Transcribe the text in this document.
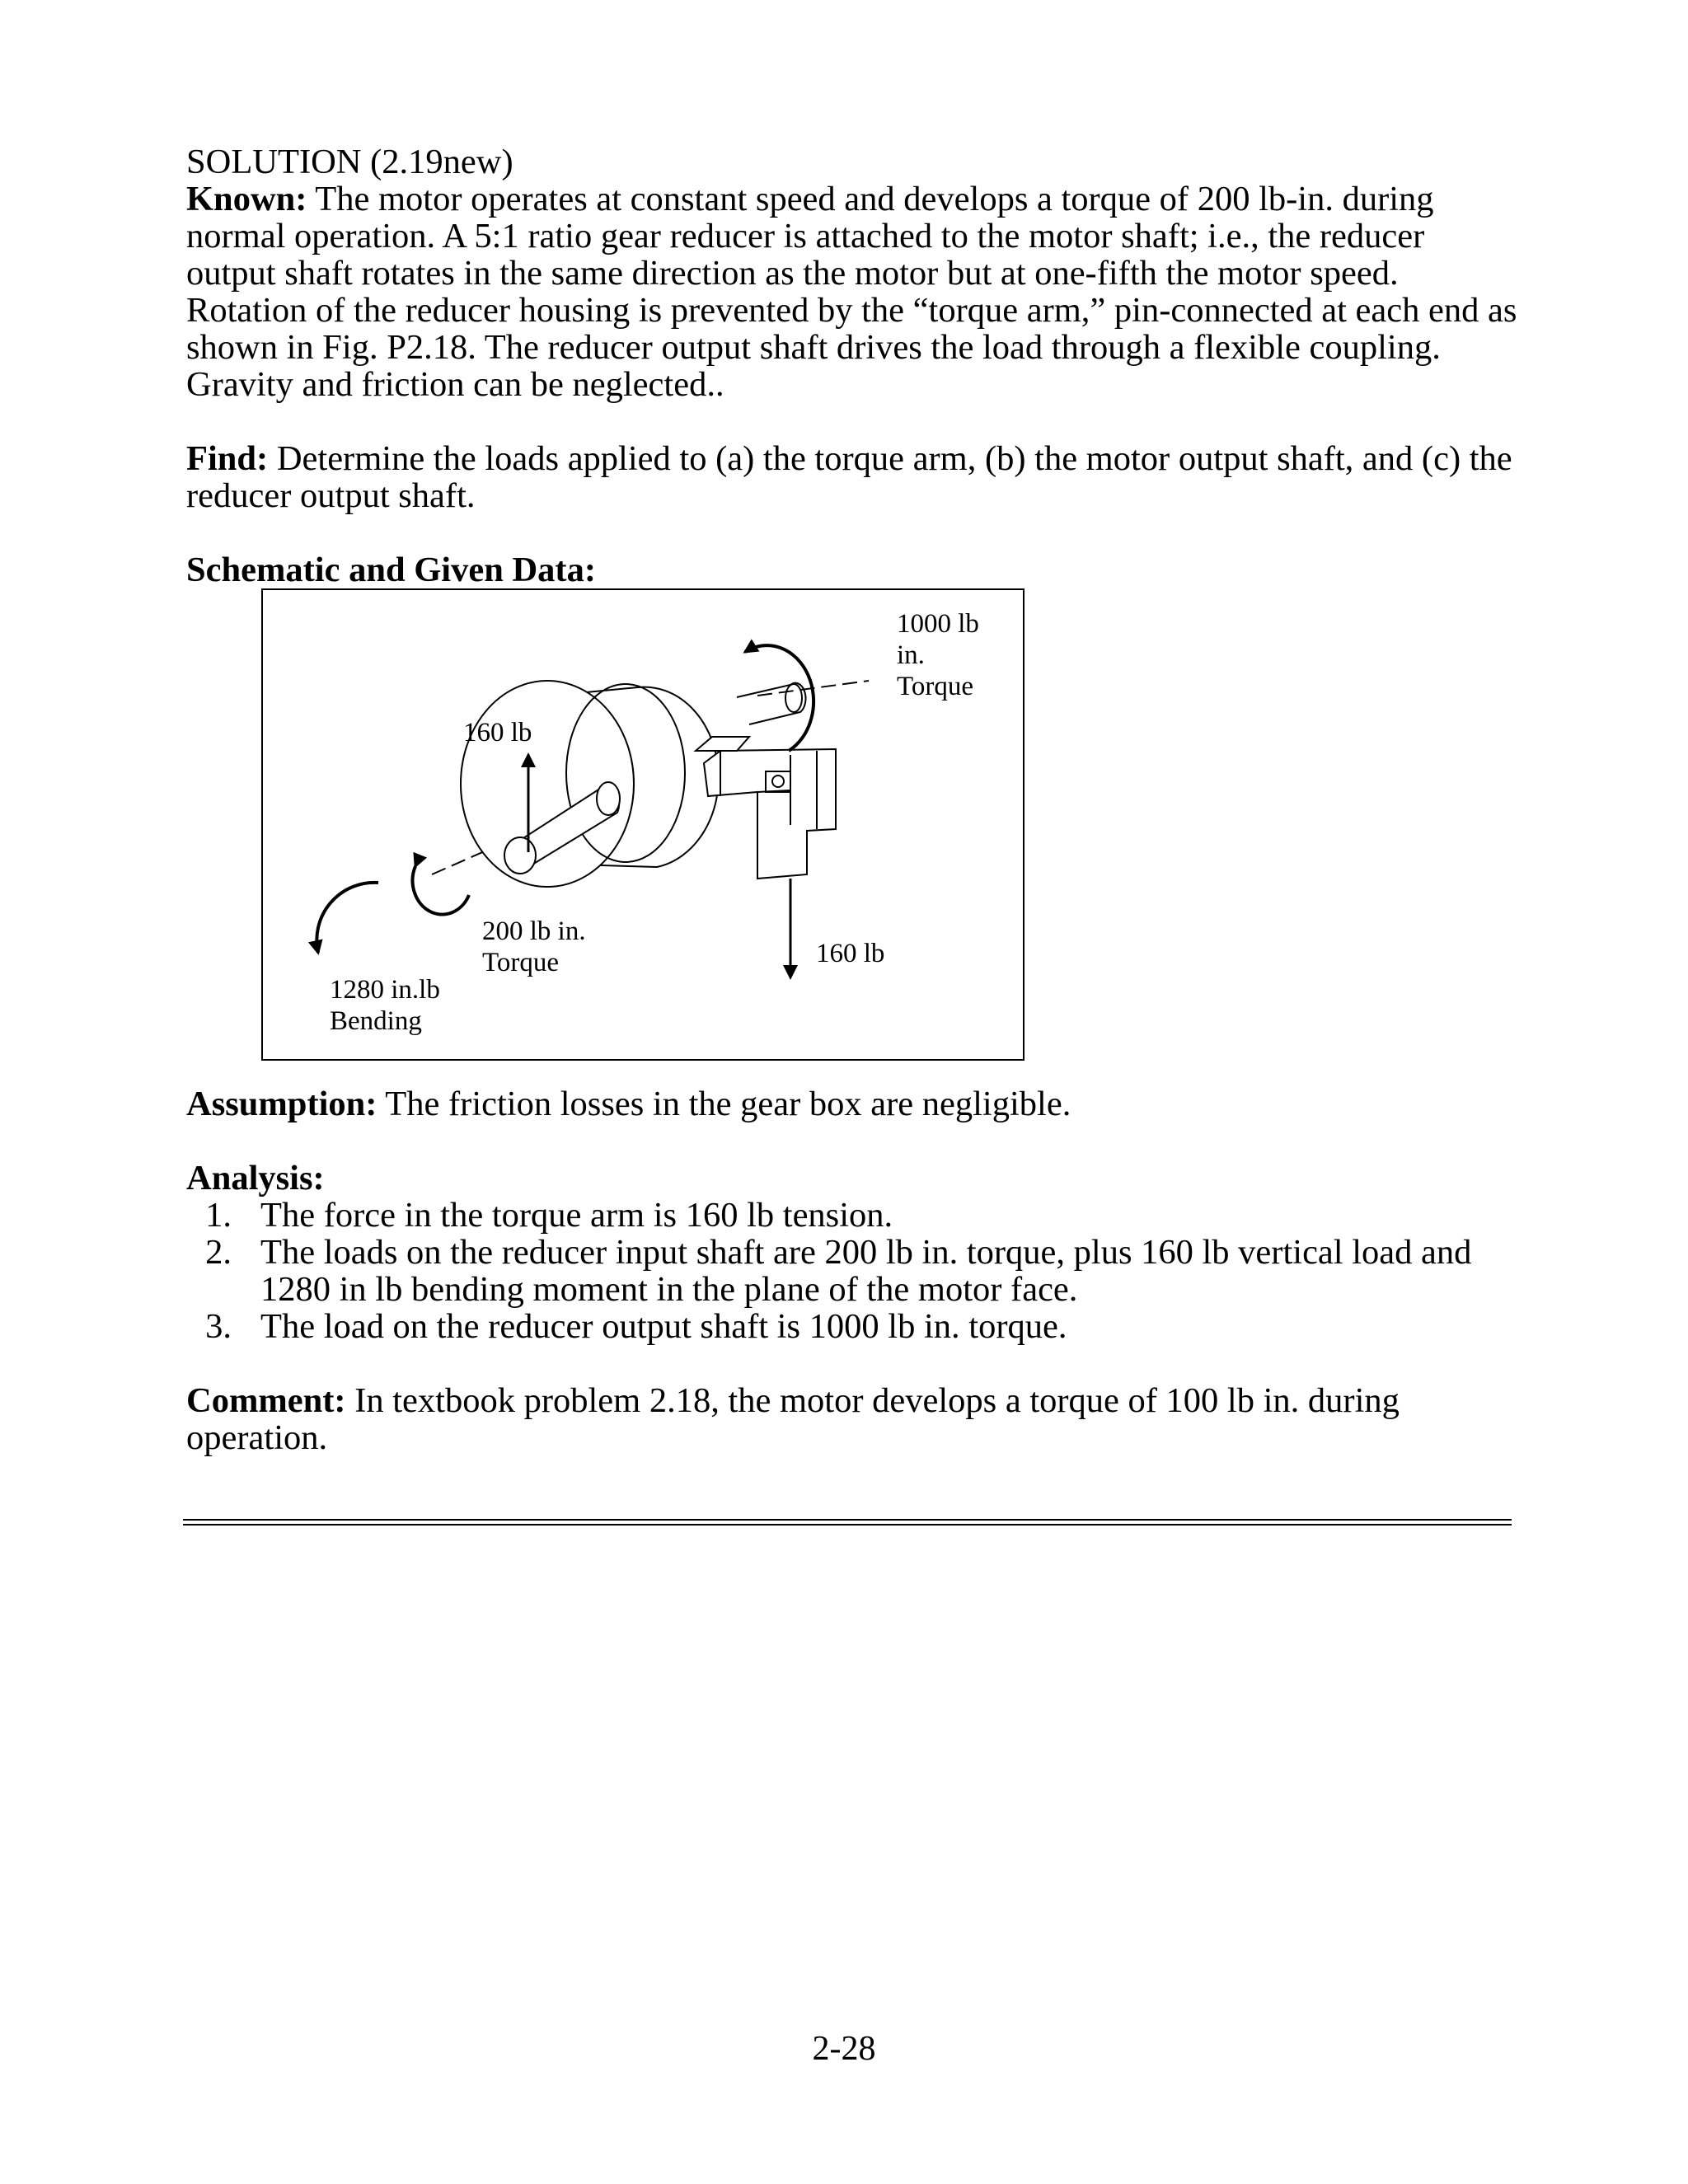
SOLUTION (2.19new)

Known: The motor operates at constant speed and develops a torque of 200 lb-in. during normal operation. A 5:1 ratio gear reducer is attached to the motor shaft; i.e., the reducer output shaft rotates in the same direction as the motor but at one-fifth the motor speed. Rotation of the reducer housing is prevented by the “torque arm,” pin-connected at each end as shown in Fig. P2.18. The reducer output shaft drives the load through a flexible coupling. Gravity and friction can be neglected..

Find: Determine the loads applied to (a) the torque arm, (b) the motor output shaft, and (c) the reducer output shaft.

Schematic and Given Data:

1000 lb
in.
Torque
160 lb
200 lb in.
Torque	160 lb
1280 in.lb
Bending

Assumption: The friction losses in the gear box are negligible.

Analysis:

1. The force in the torque arm is 160 lb tension.
2. The loads on the reducer input shaft are 200 lb in. torque, plus 160 lb vertical load and 1280 in lb bending moment in the plane of the motor face.
3. The load on the reducer output shaft is 1000 lb in. torque.

Comment: In textbook problem 2.18, the motor develops a torque of 100 lb in. during operation.

2-28
